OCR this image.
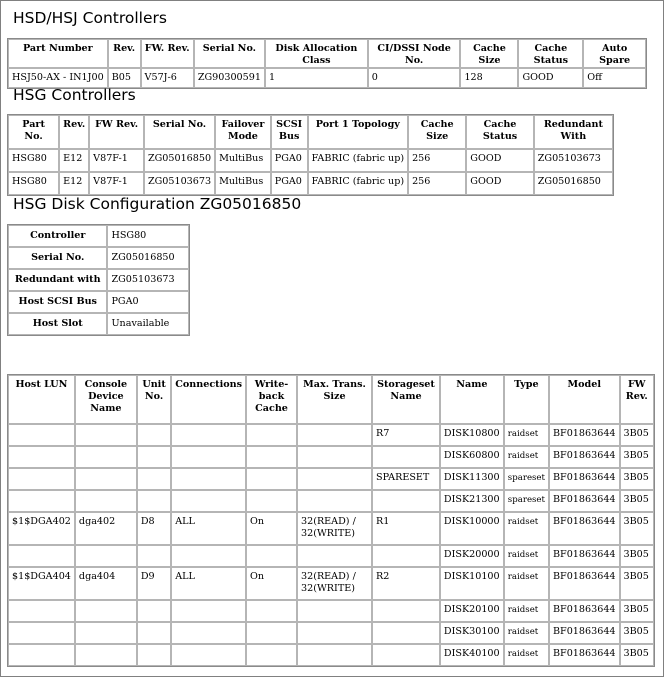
HSD/HSJ Controllers
Part Number	Rev.	FW. Rev.	Serial No.	Disk Allocation Class	CI/DSSI Node No.	Cache Size	Cache Status	Auto Spare
HSJ50-AX - IN1J00	B05	V57J-6	ZG90300591	1	0	128	GOOD	Off
HSG Controllers
Part No.	Rev.	FW Rev.	Serial No.	Failover Mode	SCSI Bus	Port 1 Topology	Cache Size	Cache Status	Redundant With
HSG80	E12	V87F-1	ZG05016850	MultiBus	PGA0	FABRIC (fabric up)	256	GOOD	ZG05103673
HSG80	E12	V87F-1	ZG05103673	MultiBus	PGA0	FABRIC (fabric up)	256	GOOD	ZG05016850
HSG Disk Configuration ZG05016850
Controller	HSG80
Serial No.	ZG05016850
Redundant with	ZG05103673
Host SCSI Bus	PGA0
Host Slot	Unavailable
Host LUN	Console Device Name	Unit No.	Connections	Write-back Cache	Max. Trans. Size	Storageset Name	Name	Type	Model	FW Rev.
						R7	DISK10800	raidset	BF01863644	3B05
							DISK60800	raidset	BF01863644	3B05
						SPARESET	DISK11300	spareset	BF01863644	3B05
							DISK21300	spareset	BF01863644	3B05
$1$DGA402	dga402	D8	ALL	On	32(READ) / 32(WRITE)	R1	DISK10000	raidset	BF01863644	3B05
							DISK20000	raidset	BF01863644	3B05
$1$DGA404	dga404	D9	ALL	On	32(READ) / 32(WRITE)	R2	DISK10100	raidset	BF01863644	3B05
							DISK20100	raidset	BF01863644	3B05
							DISK30100	raidset	BF01863644	3B05
							DISK40100	raidset	BF01863644	3B05
